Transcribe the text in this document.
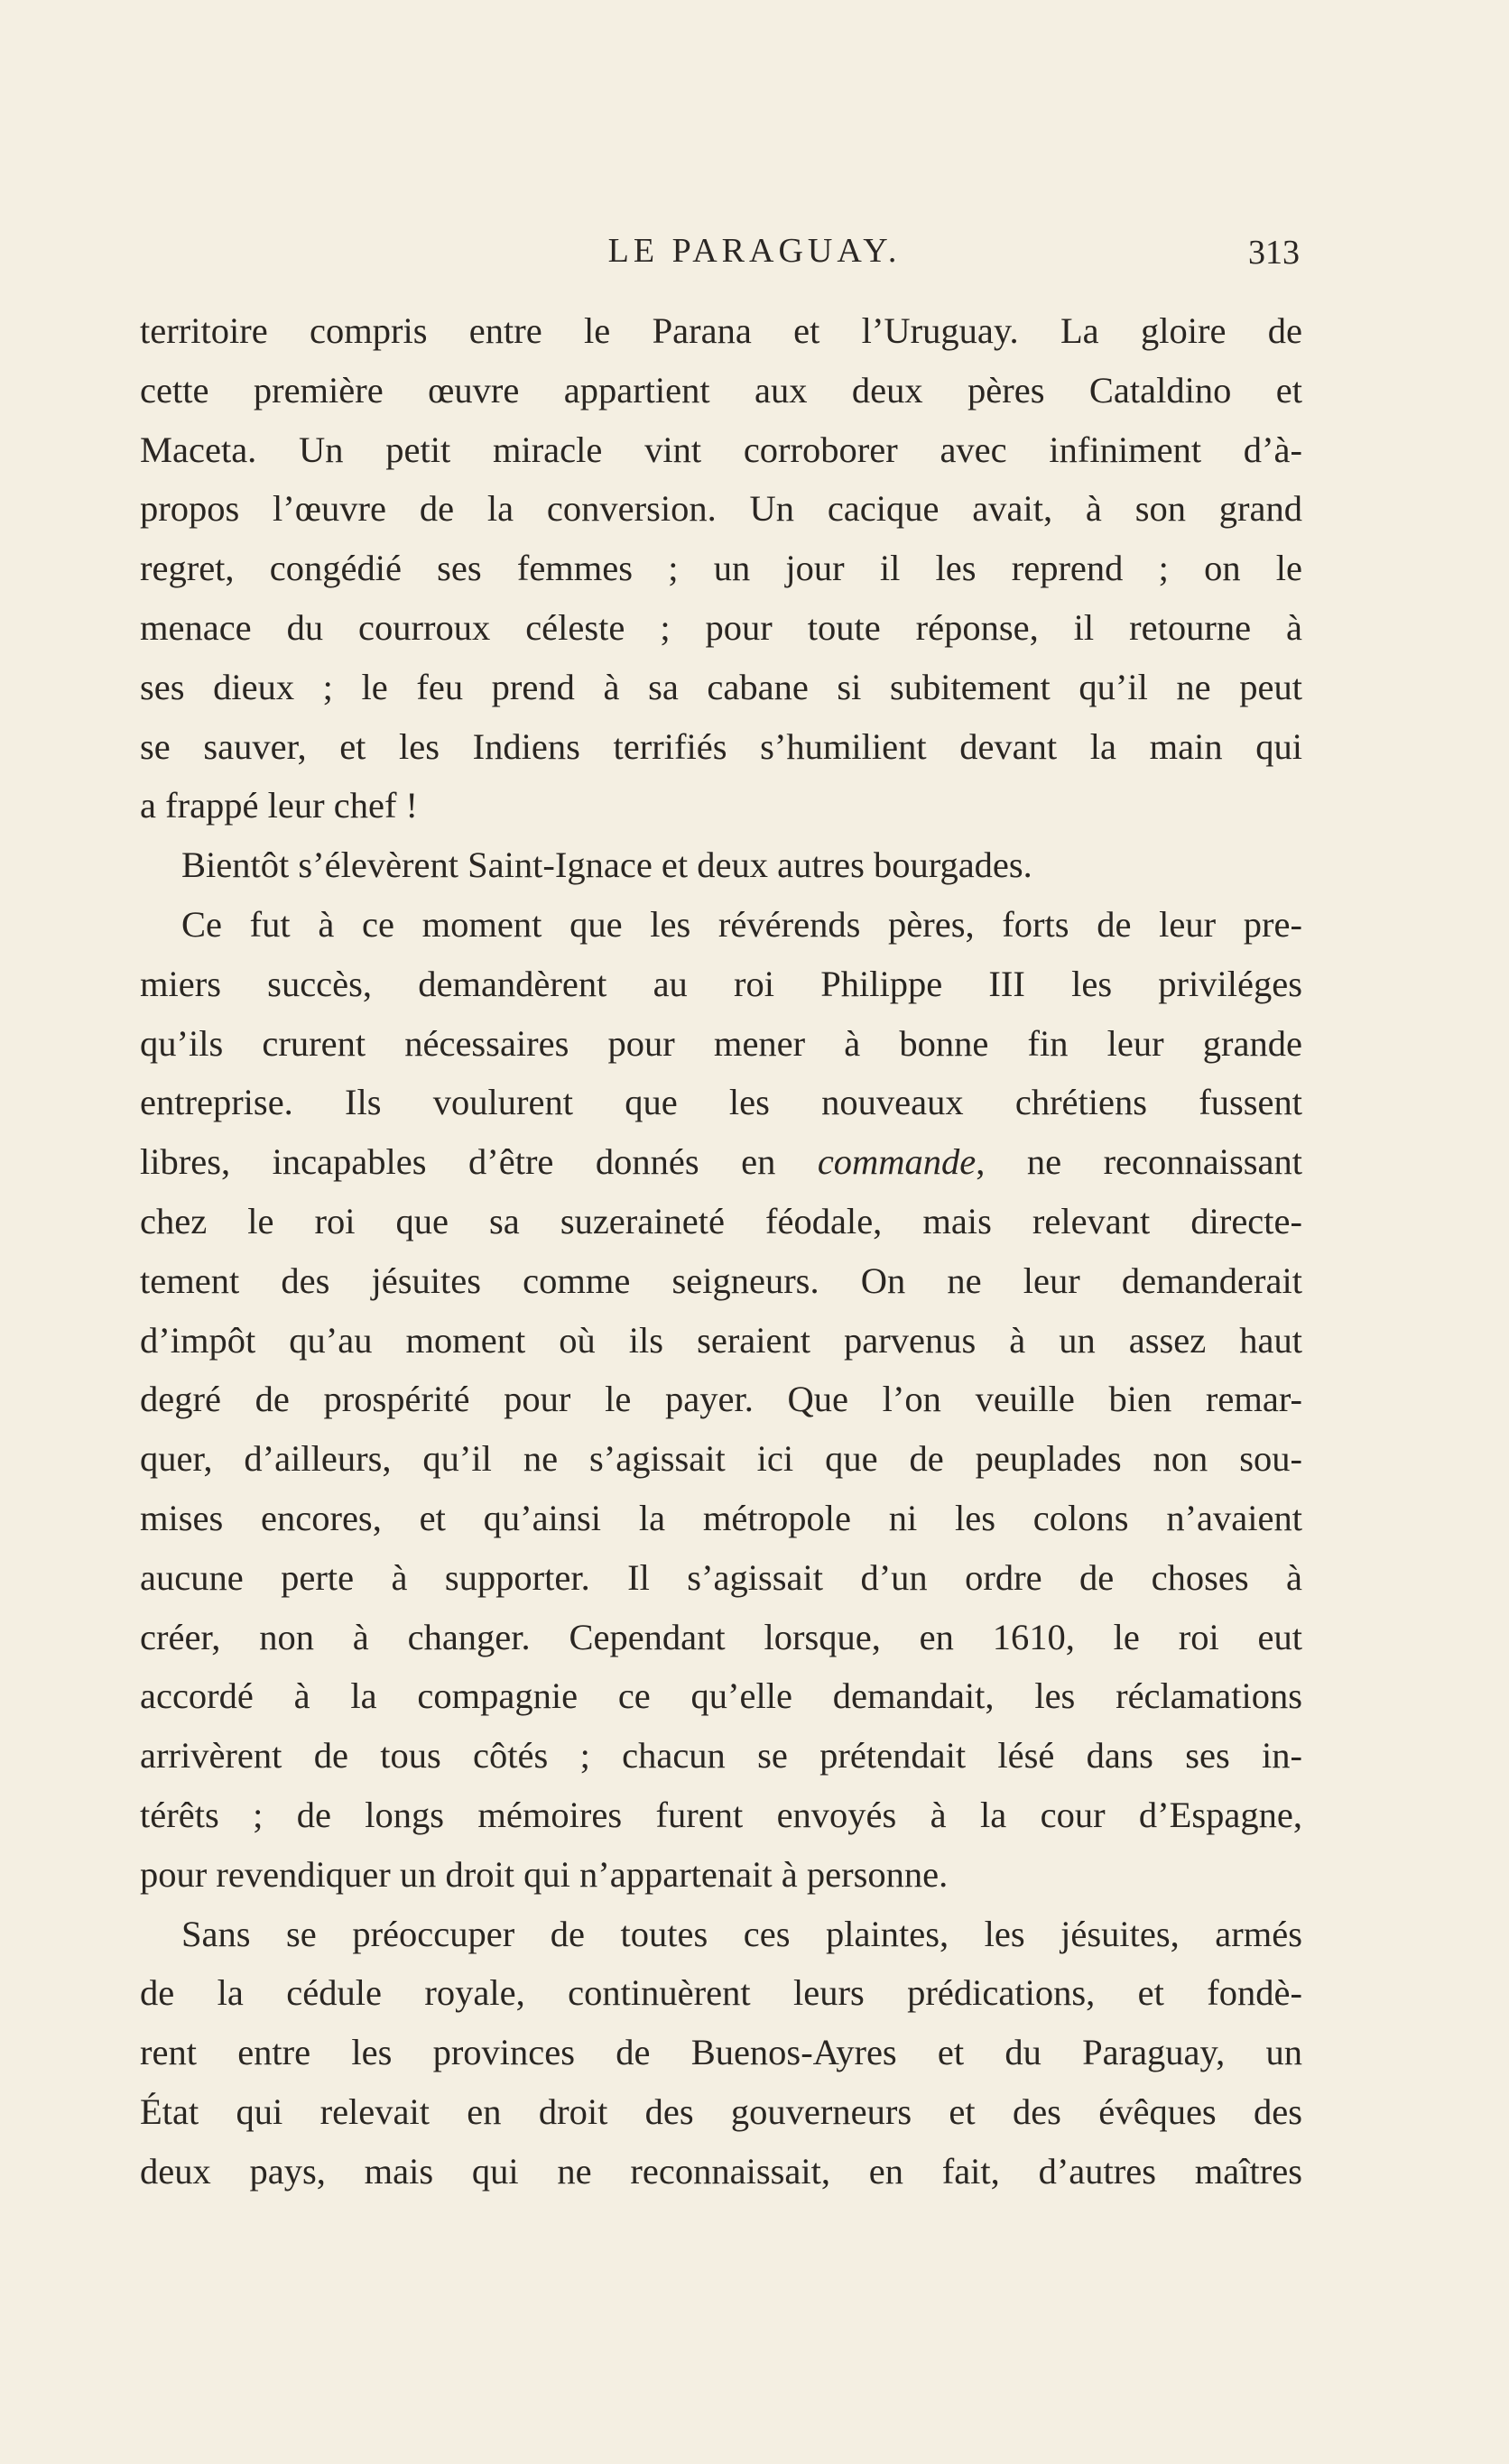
LE PARAGUAY.	313
territoire compris entre le Parana et l’Uruguay. La gloire de
cette première œuvre appartient aux deux pères Cataldino et
Maceta. Un petit miracle vint corroborer avec infiniment d’à-
propos l’œuvre de la conversion. Un cacique avait, à son grand
regret, congédié ses femmes ; un jour il les reprend ; on le
menace du courroux céleste ; pour toute réponse, il retourne à
ses dieux ; le feu prend à sa cabane si subitement qu’il ne peut
se sauver, et les Indiens terrifiés s’humilient devant la main qui
a frappé leur chef !
Bientôt s’élevèrent Saint-Ignace et deux autres bourgades.
Ce fut à ce moment que les révérends pères, forts de leur pre-
miers succès, demandèrent au roi Philippe III les priviléges
qu’ils crurent nécessaires pour mener à bonne fin leur grande
entreprise. Ils voulurent que les nouveaux chrétiens fussent
libres, incapables d’être donnés en commande, ne reconnaissant
chez le roi que sa suzeraineté féodale, mais relevant directe-
tement des jésuites comme seigneurs. On ne leur demanderait
d’impôt qu’au moment où ils seraient parvenus à un assez haut
degré de prospérité pour le payer. Que l’on veuille bien remar-
quer, d’ailleurs, qu’il ne s’agissait ici que de peuplades non sou-
mises encores, et qu’ainsi la métropole ni les colons n’avaient
aucune perte à supporter. Il s’agissait d’un ordre de choses à
créer, non à changer. Cependant lorsque, en 1610, le roi eut
accordé à la compagnie ce qu’elle demandait, les réclamations
arrivèrent de tous côtés ; chacun se prétendait lésé dans ses in-
térêts ; de longs mémoires furent envoyés à la cour d’Espagne,
pour revendiquer un droit qui n’appartenait à personne.
Sans se préoccuper de toutes ces plaintes, les jésuites, armés
de la cédule royale, continuèrent leurs prédications, et fondè-
rent entre les provinces de Buenos-Ayres et du Paraguay, un
État qui relevait en droit des gouverneurs et des évêques des
deux pays, mais qui ne reconnaissait, en fait, d’autres maîtres
